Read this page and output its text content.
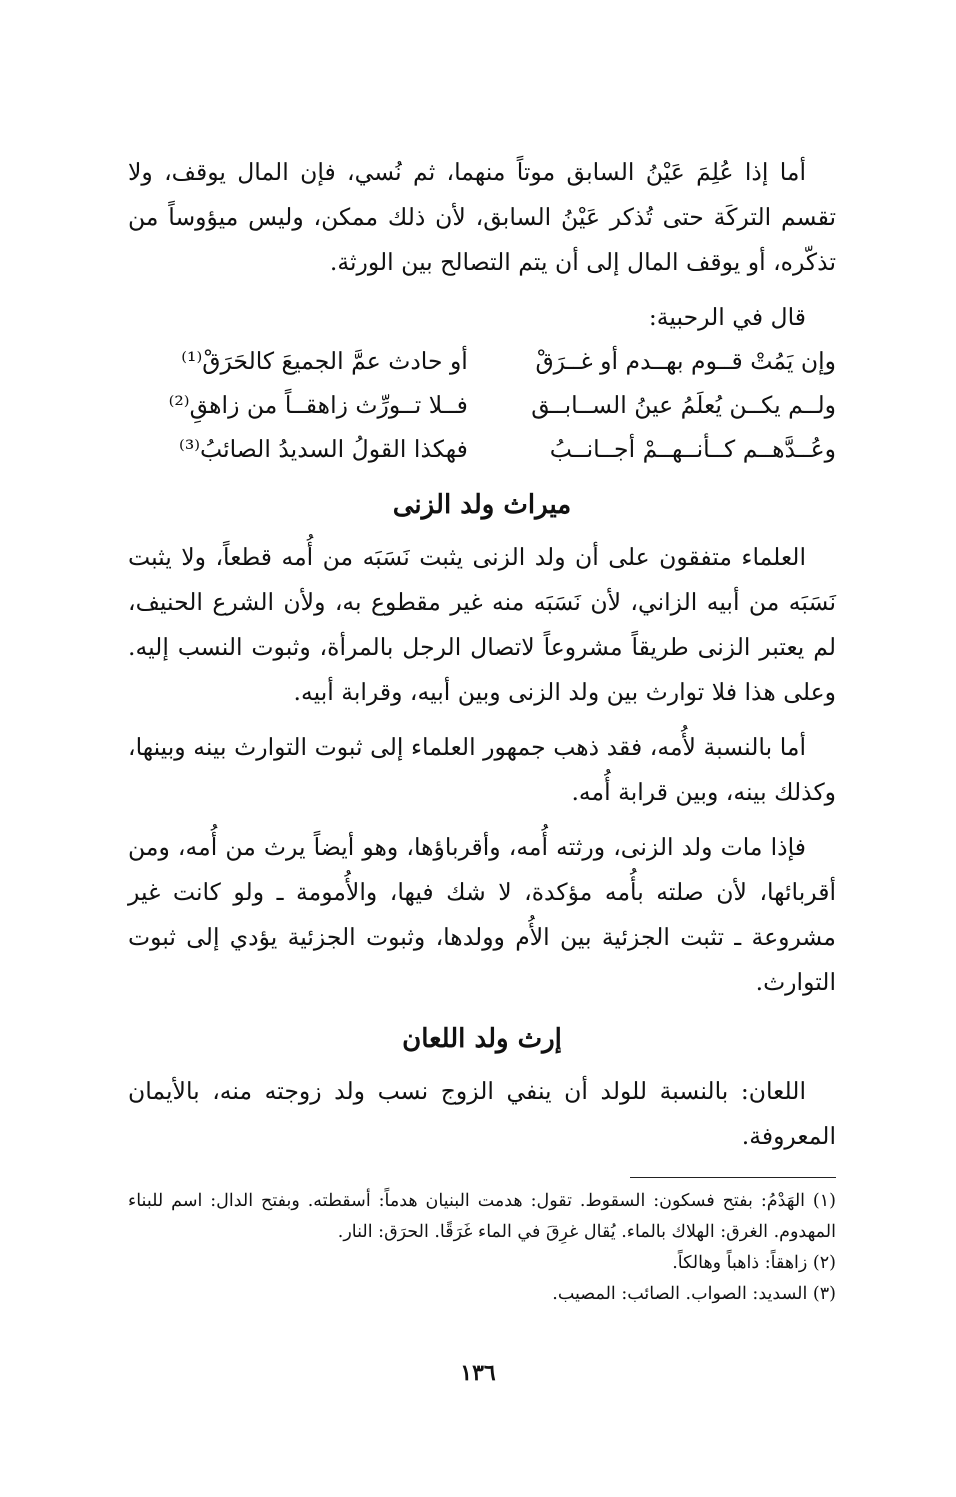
أما إذا عُلِمَ عَيْنُ السابق موتاً منهما، ثم نُسي، فإن المال يوقف، ولا تقسم التركَة حتى تُذكر عَيْنُ السابق، لأن ذلك ممكن، وليس ميؤوساً من تذكّره، أو يوقف المال إلى أن يتم التصالح بين الورثة.

قال في الرحبية:

وإن يَمُتْ قــوم بهــدم أو غــرَقْ
أو حادث عمَّ الجميعَ كالحَرَقْ⁽¹⁾
ولــم يكــن يُعلَمُ عينُ الســابــق
فــلا تــورِّث زاهقــاً من زاهقِ⁽²⁾
وعُــدَّهــم كــأنــهــمْ أجــانــبُ
فهكذا القولُ السديدُ الصائبُ⁽³⁾
ميراث ولد الزنى

العلماء متفقون على أن ولد الزنى يثبت نَسَبَه من أُمه قطعاً، ولا يثبت نَسَبَه من أبيه الزاني، لأن نَسَبَه منه غير مقطوع به، ولأن الشرع الحنيف، لم يعتبر الزنى طريقاً مشروعاً لاتصال الرجل بالمرأة، وثبوت النسب إليه. وعلى هذا فلا توارث بين ولد الزنى وبين أبيه، وقرابة أبيه.

أما بالنسبة لأُمه، فقد ذهب جمهور العلماء إلى ثبوت التوارث بينه وبينها، وكذلك بينه، وبين قرابة أُمه.

فإذا مات ولد الزنى، ورثته أُمه، وأقرباؤها، وهو أيضاً يرث من أُمه، ومن أقربائها، لأن صلته بأُمه مؤكدة، لا شك فيها، والأُمومة ـ ولو كانت غير مشروعة ـ تثبت الجزئية بين الأُم وولدها، وثبوت الجزئية يؤدي إلى ثبوت التوارث.

إرث ولد اللعان

اللعان: بالنسبة للولد أن ينفي الزوج نسب ولد زوجته منه، بالأيمان المعروفة.

(١) الهَدْمُ: بفتح فسكون: السقوط. تقول: هدمت البنيان هدماً: أسقطته. وبفتح الدال: اسم للبناء المهدوم. الغرق: الهلاك بالماء. يُقال غرِقَ في الماء غَرَقًا. الحرَق: النار.

(٢) زاهقاً: ذاهباً وهالكاً.

(٣) السديد: الصواب. الصائب: المصيب.

١٣٦
